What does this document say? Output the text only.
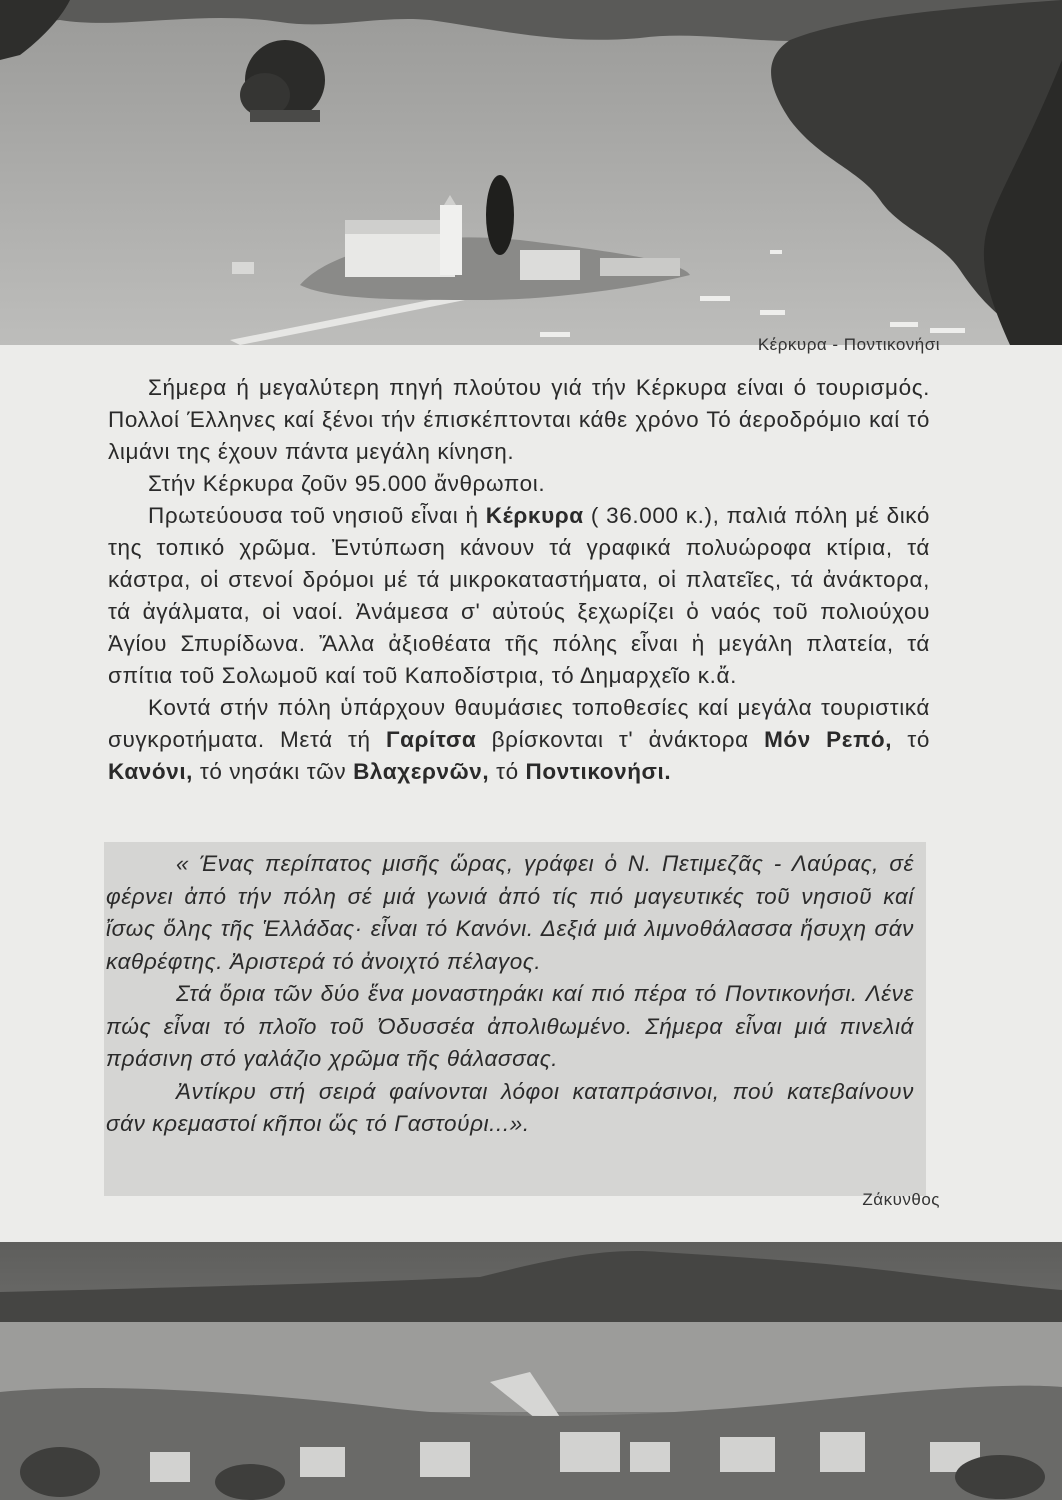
Κέρκυρα - Ποντικονήσι

Σήμερα ή μεγαλύτερη πηγή πλούτου γιά τήν Κέρκυρα είναι ό τουρισμός. Πολλοί Έλληνες καί ξένοι τήν έπισκέπτονται κάθε χρόνο Τό άεροδρόμιο καί τό λιμάνι της έχουν πάντα μεγάλη κίνηση.

Στήν Κέρκυρα ζοῦν 95.000 ἄνθρωποι.

Πρωτεύουσα τοῦ νησιοῦ εἶναι ἡ Κέρκυρα ( 36.000 κ.), παλιά πόλη μέ δικό της τοπικό χρῶμα. Ἐντύπωση κάνουν τά γραφικά πολυώροφα κτίρια, τά κάστρα, οἱ στενοί δρόμοι μέ τά μικροκαταστήματα, οἱ πλατεῖες, τά ἀνάκτορα, τά ἀγάλματα, οἱ ναοί. Ἀνάμεσα σ' αὐτούς ξεχωρίζει ὁ ναός τοῦ πολιούχου Ἁγίου Σπυρίδωνα. Ἄλλα ἀξιοθέατα τῆς πόλης εἶναι ἡ μεγάλη πλατεία, τά σπίτια τοῦ Σολωμοῦ καί τοῦ Καποδίστρια, τό Δημαρχεῖο κ.ἄ.

Κοντά στήν πόλη ὑπάρχουν θαυμάσιες τοποθεσίες καί μεγάλα τουριστικά συγκροτήματα. Μετά τή Γαρίτσα βρίσκονται τ' ἀνάκτορα Μόν Ρεπό, τό Κανόνι, τό νησάκι τῶν Βλαχερνῶν, τό Ποντικονήσι.

« Ένας περίπατος μισῆς ὥρας, γράφει ὁ Ν. Πετιμεζᾶς - Λαύρας, σέ φέρνει ἀπό τήν πόλη σέ μιά γωνιά ἀπό τίς πιό μαγευτικές τοῦ νησιοῦ καί ἴσως ὅλης τῆς Ἑλλάδας· εἶναι τό Κανόνι. Δεξιά μιά λιμνοθάλασσα ἥσυχη σάν καθρέφτης. Ἀριστερά τό ἀνοιχτό πέλαγος.

Στά ὅρια τῶν δύο ἕνα μοναστηράκι καί πιό πέρα τό Ποντικονήσι. Λένε πώς εἶναι τό πλοῖο τοῦ Ὀδυσσέα ἀπολιθωμένο. Σήμερα εἶναι μιά πινελιά πράσινη στό γαλάζιο χρῶμα τῆς θάλασσας.

Ἀντίκρυ στή σειρά φαίνονται λόφοι καταπράσινοι, πού κατεβαίνουν σάν κρεμαστοί κῆποι ὥς τό Γαστούρι...».

Ζάκυνθος
